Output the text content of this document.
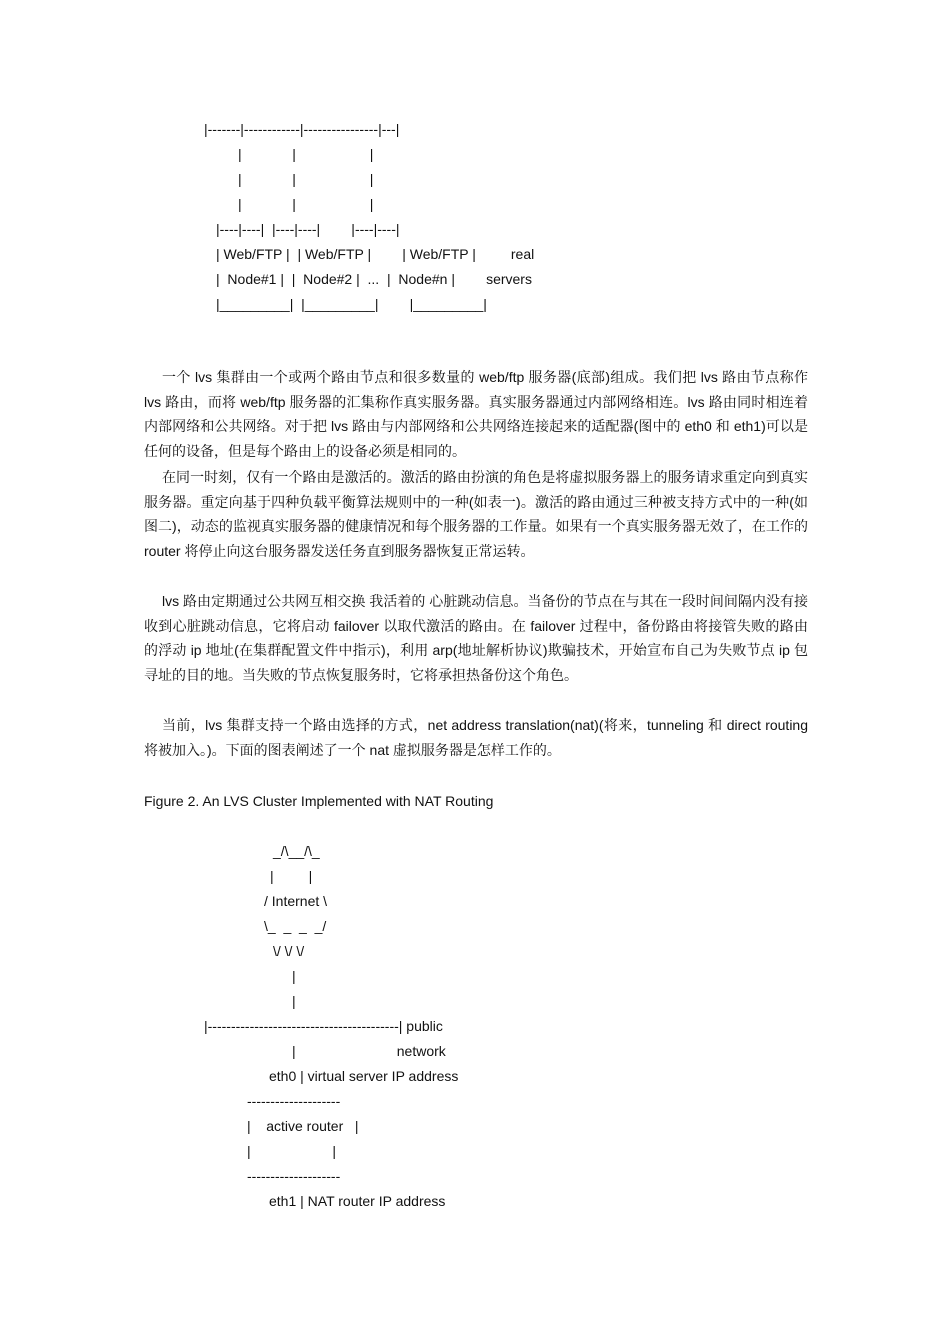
|-------|------------|----------------|---|
|             |                   |
|             |                   |
|             |                   |
|----|----|  |----|----|        |----|----|
| Web/FTP |  | Web/FTP |        | Web/FTP |         real
|  Node#1 |  |  Node#2 |  ...  |  Node#n |        servers
|_________|  |_________|        |_________|
一个 lvs 集群由一个或两个路由节点和很多数量的 web/ftp 服务器(底部)组成。我们把 lvs 路由节点称作 lvs 路由，而将 web/ftp 服务器的汇集称作真实服务器。真实服务器通过内部网络相连。lvs 路由同时相连着内部网络和公共网络。对于把 lvs 路由与内部网络和公共网络连接起来的适配器(图中的 eth0 和 eth1)可以是任何的设备，但是每个路由上的设备必须是相同的。
在同一时刻，仅有一个路由是激活的。激活的路由扮演的角色是将虚拟服务器上的服务请求重定向到真实服务器。重定向基于四种负载平衡算法规则中的一种(如表一)。激活的路由通过三种被支持方式中的一种(如图二)，动态的监视真实服务器的健康情况和每个服务器的工作量。如果有一个真实服务器无效了，在工作的 router 将停止向这台服务器发送任务直到服务器恢复正常运转。
lvs 路由定期通过公共网互相交换 我活着的 心脏跳动信息。当备份的节点在与其在一段时间间隔内没有接收到心脏跳动信息，它将启动 failover 以取代激活的路由。在 failover 过程中，备份路由将接管失败的路由的浮动 ip 地址(在集群配置文件中指示)，利用 arp(地址解析协议)欺骗技术，开始宣布自己为失败节点 ip 包寻址的目的地。当失败的节点恢复服务时，它将承担热备份这个角色。
当前，lvs 集群支持一个路由选择的方式，net address translation(nat)(将来，tunneling 和 direct routing 将被加入。)。下面的图表阐述了一个 nat 虚拟服务器是怎样工作的。
Figure 2. An LVS Cluster Implemented with NAT Routing
_/\__/\_
|         |
/ Internet \
\_  _  _  _/
\/ \/ \/
|
|
|-----------------------------------------| public
|                          network
eth0 | virtual server IP address
--------------------
|    active router   |
|                     |
--------------------
eth1 | NAT router IP address
